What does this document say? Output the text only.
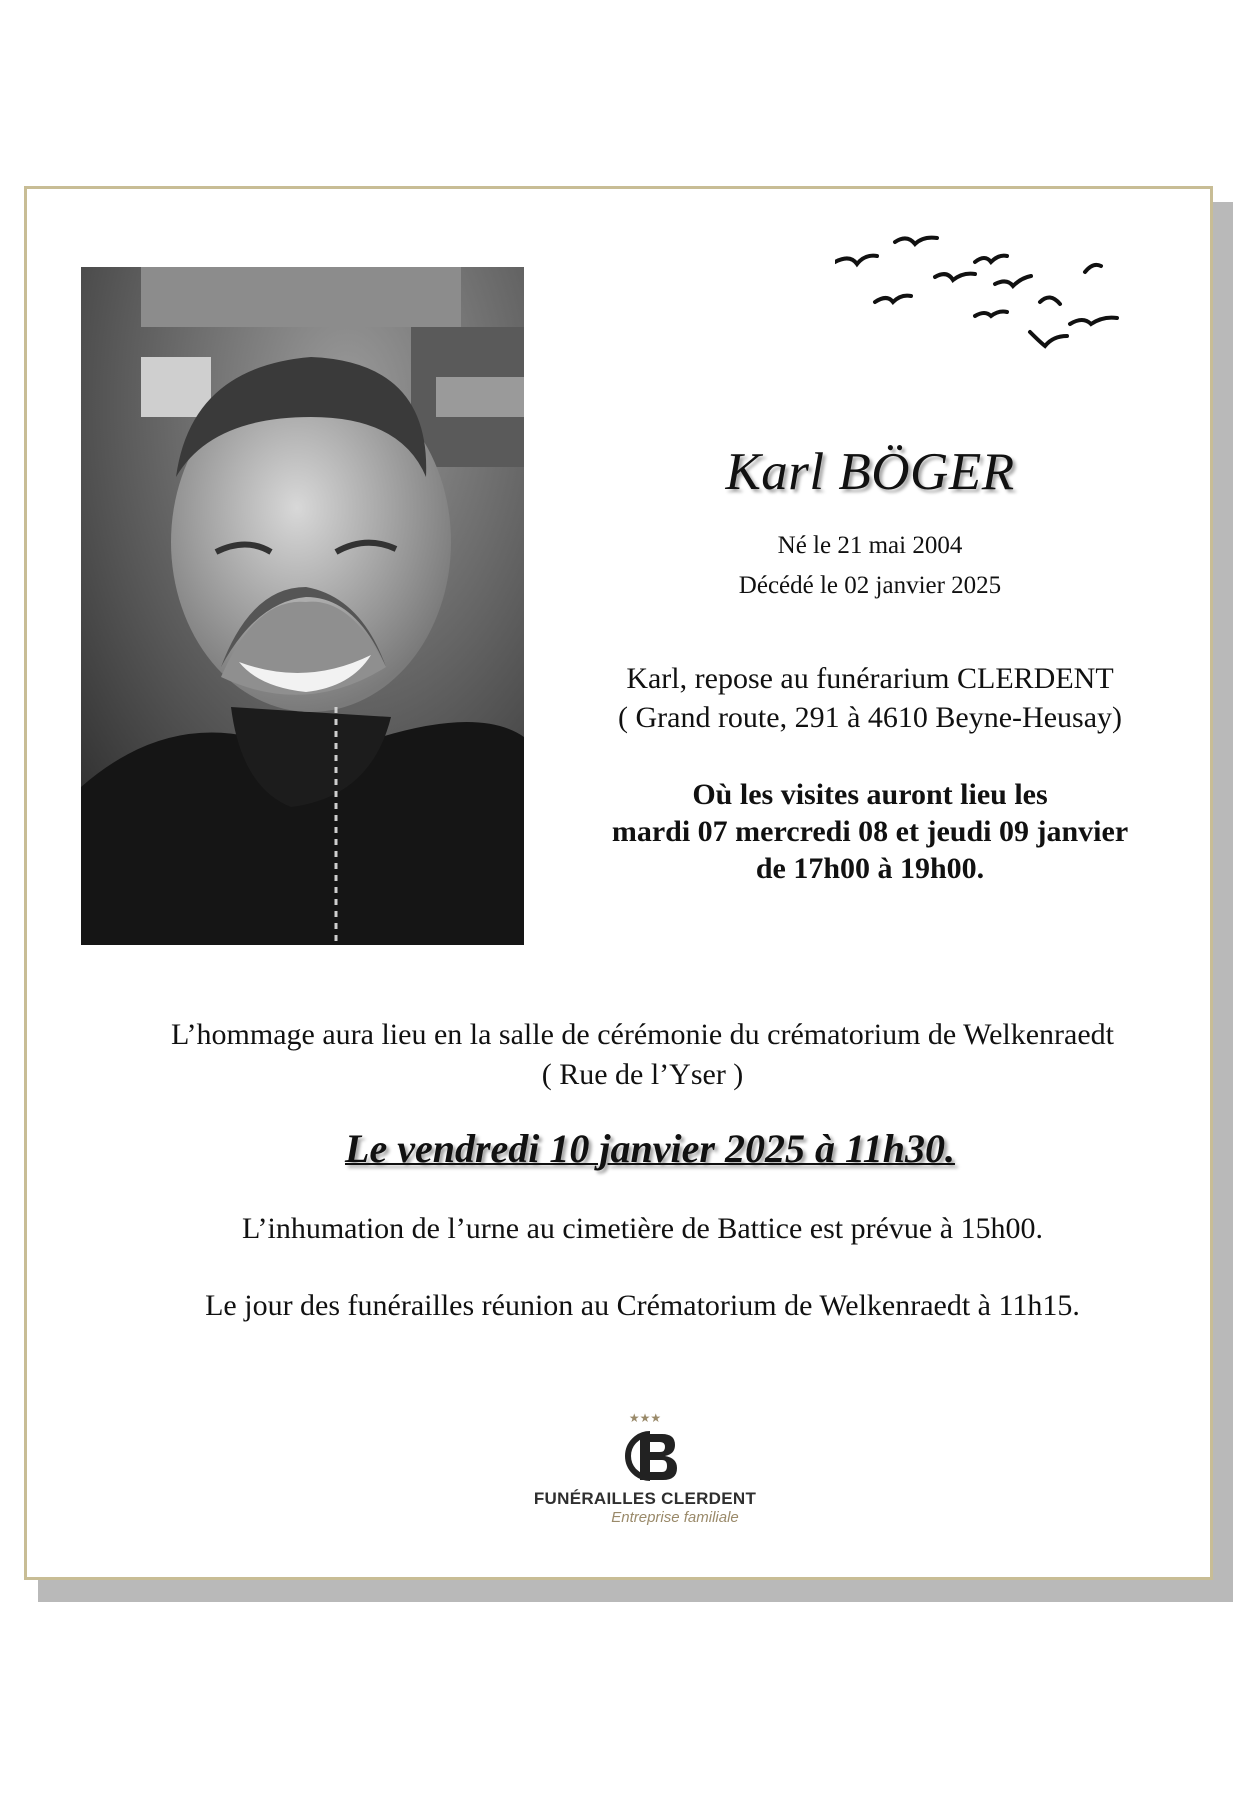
Karl BÖGER
Né le 21 mai 2004
Décédé le 02 janvier 2025
Karl, repose au funérarium CLERDENT
( Grand route, 291 à 4610 Beyne-Heusay)
Où les visites auront lieu les
mardi 07 mercredi 08 et jeudi 09 janvier
de 17h00 à 19h00.
L’hommage aura lieu en la salle de cérémonie du crématorium de Welkenraedt
( Rue de l’Yser )
Le vendredi 10 janvier 2025 à 11h30.
L’inhumation de l’urne au cimetière de Battice est prévue à 15h00.
Le jour des funérailles réunion au Crématorium de Welkenraedt à 11h15.
★★★
FUNÉRAILLES CLERDENT
Entreprise familiale
